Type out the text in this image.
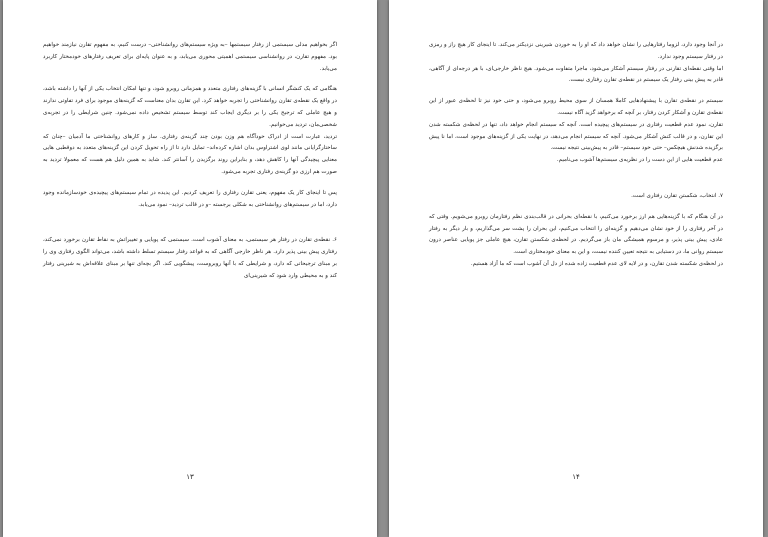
اگر بخواهیم مدلی سیستمی از رفتار سیستمها –به ویژه سیستم‌های روانشناختی– درست کنیم، به مفهوم تقارن نیازمند خواهیم بود. مفهوم تقارن، در روانشناسی سیستمی اهمیتی محوری می‌یابد، و به عنوان پایه‌ای برای تعریف رفتارهای خودمختار کاربرد می‌یابد.

هنگامی که یک کنشگر انسانی با گزینه‌های رفتاری متعدد و همزمانی روبرو شود، و تنها امکان انتخاب یکی از آنها را داشته باشد، در واقع یک نقطه‌ی تقارن روانشناختی را تجربه خواهد کرد. این تقارن بدان معناست که گزینه‌های موجود برای فرد تفاوتی ندارند و هیچ عاملی که ترجیح یکی را بر دیگری ایجاب کند توسط سیستم تشخیص داده نمی‌شود. چنین شرایطی را در تجربه‌ی شخصی‌مان، تردید می‌خوانیم.

تردید، عبارت است از ادراک خودآگاه هم وزن بودن چند گزینه‌ی رفتاری. ساز و کارهای روانشناختی ما آدمیان –چنان که ساختارگرایانی مانند لوی اشتراوس بدان اشاره کرده‌اند– تمایل دارد تا از راه تحویل کردن این گزینه‌های متعدد به دوقطبی هایی معنایی پیچیدگی آنها را کاهش دهد، و بنابراین روند برگزیدن را آسانتر کند. شاید به همین دلیل هم هست که معمولا تردید به صورت هم ارزی دو گزینه‌ی رفتاری تجربه می‌شود.

پس تا اینجای کار یک مفهوم، یعنی تقارن رفتاری را تعریف کردیم. این پدیده در تمام سیستم‌های پیچیده‌ی خودسازمانده وجود دارد، اما در سیستم‌های روانشناختی به شکلی برجسته –و در قالب تردید– نمود می‌یابد.

۶. نقطه‌ی تقارن در رفتار هر سیستمی، به معنای آشوب است. سیستمی که پویایی و تغییراتش به نقاط تقارن برخورد نمی‌کند، رفتاری پیش بینی پذیر دارد. هر ناظر خارجی آگاهی که به قواعد رفتار سیستم تسلط داشته باشد، می‌تواند الگوی رفتاری وی را بر مبنای ترجیحاتی که دارد، و شرایطی که با آنها روبروست، پیشگویی کند. اگر بچه‌ای تنها بر مبنای علاقه‌اش به شیرینی رفتار کند و به محیطی وارد شود که شیرینی‌ای

۱۳

در آنجا وجود دارد، لزوما رفتارهایی را نشان خواهد داد که او را به خوردن شیرینی نزدیکتر می‌کند. تا اینجای کار هیچ راز و رمزی در رفتار سیستم وجود ندارد.

اما وقتی نقطه‌ای تقارنی در رفتار سیستم آشکار می‌شود، ماجرا متفاوت می‌شود. هیچ ناظر خارجی‌ای، با هر درجه‌ای از آگاهی، قادر به پیش بینی رفتار یک سیستم در نقطه‌ی تقارن رفتاری نیست.

سیستم در نقطه‌ی تقارن با پیشنهادهایی کاملا همسان از سوی محیط روبرو می‌شود، و حتی خود نیز تا لحظه‌ی عبور از این نقطه‌ی تقارن و آشکار کردن رفتار، بر آنچه که برخواهد گزید آگاه نیست.

تقارن، نمود عدم قطعیت رفتاری در سیستم‌های پیچیده است. آنچه که سیستم انجام خواهد داد، تنها در لحظه‌ی شکسته شدن این تقارن، و در قالب کنش آشکار می‌شود. آنچه که سیستم انجام می‌دهد، در نهایت یکی از گزینه‌های موجود است، اما نا پیش برگزیده شدنش هیچکس– حتی خود سیستم– قادر به پیش‌بینی نتیجه نیست.

عدم قطعیت هایی از این دست را در نظریه‌ی سیستم‌ها آشوب می‌نامیم.

۷. انتخاب، شکستن تقارن رفتاری است.

در آن هنگام که با گزینه‌هایی هم ارز برخورد می‌کنیم، با نقطه‌ای بحرانی در قالب‌بندی نظم رفتارمان روبرو می‌شویم. وقتی که در آخر رفتاری را از خود نشان می‌دهیم و گزینه‌ای را انتخاب می‌کنیم، این بحران را پشت سر می‌گذاریم، و بار دیگر به رفتار عادی، پیش بینی پذیر، و مرسوم همیشگی مان باز می‌گردیم. در لحظه‌ی شکستن تقارن، هیچ عاملی جز پویایی عناصر درون سیستم روانی ما، در دستیابی به نتیجه تعیین کننده نیست، و این به معنای خودمختاری است.

در لحظه‌ی شکسته شدن تقارن، و در لایه لای عدم قطعیت زاده شده از دل آن آشوب است که ما آزاد هستیم.

۱۴
